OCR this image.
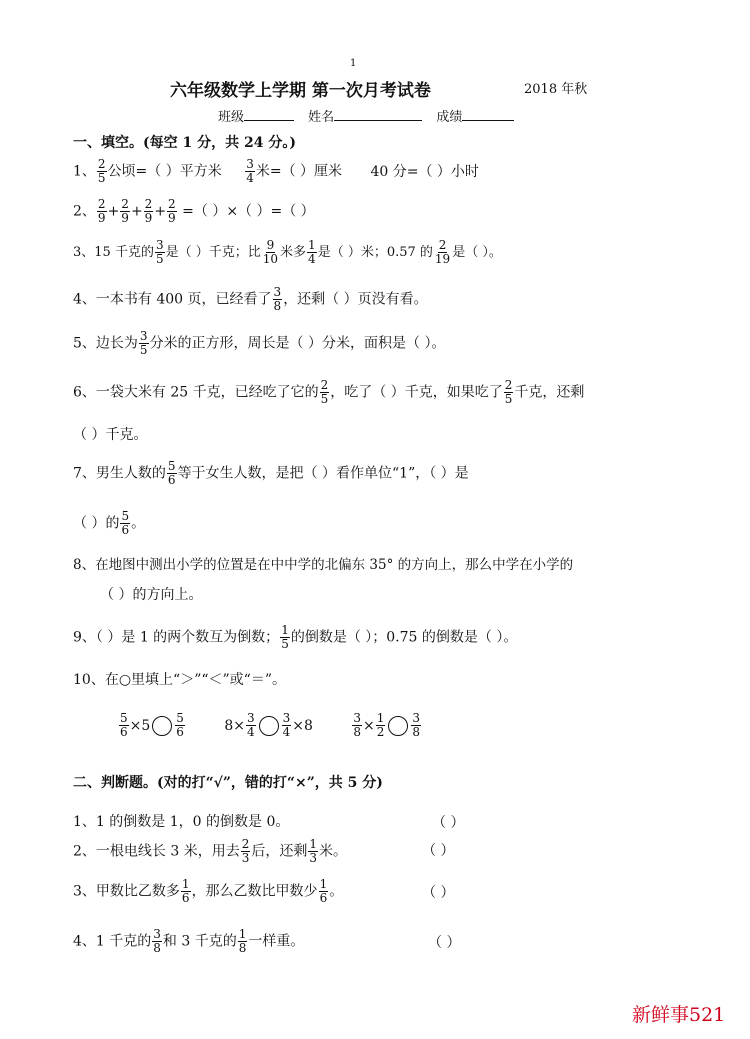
1
六年级数学上学期 第一次月考试卷	2018 年秋
班级	姓名	成绩
一、填空。(每空 1 分，共 24 分。)
1、 $\frac{2}{5}$ 公顷=（ ）平方米 $\frac{3}{4}$ 米=（ ）厘米 40 分=（ ）小时
2、 $\frac{2}{9} + \frac{2}{9} + \frac{2}{9} + \frac{2}{9}$ =（ ）×（ ）=（ ）
3、15 千克的 $\frac{3}{5}$ 是（ ）千克；比 $\frac{9}{10}$ 米多 $\frac{1}{4}$ 是（ ）米；0.57 的 $\frac{2}{19}$ 是（ ）。
4、一本书有 400 页，已经看了 $\frac{3}{8}$ ，还剩（ ）页没有看。
5、边长为 $\frac{3}{5}$ 分米的正方形，周长是（ ）分米，面积是（ ）。
6、一袋大米有 25 千克，已经吃了它的 $\frac{2}{5}$ ，吃了（ ）千克，如果吃了 $\frac{2}{5}$ 千克，还剩
（ ）千克。
7、男生人数的 $\frac{5}{6}$ 等于女生人数，是把（ ）看作单位“1”，（ ）是
（ ）的 $\frac{5}{6}$ 。
8、在地图中测出小学的位置是在中中学的北偏东 35° 的方向上，那么中学在小学的
（ ）的方向上。
9、（ ）是 1 的两个数互为倒数； $\frac{1}{5}$ 的倒数是（ ）；0.75 的倒数是（ ）。
10、在○里填上“＞”“＜”或“＝”。
$\frac{5}{6} \times 5 \frac{5}{6}$	$8\times \frac{3}{4} \frac{3}{4} \times 8$	$\frac{3}{8} \times \frac{1}{2} \frac{3}{8}$
二、判断题。(对的打“√”，错的打“×”，共 5 分)
1、1 的倒数是 1，0 的倒数是 0。	（ ）
2、一根电线长 3 米，用去 $\frac{2}{3}$ 后，还剩 $\frac{1}{3}$ 米。	（ ）
3、甲数比乙数多 $\frac{1}{6}$ ，那么乙数比甲数少 $\frac{1}{6}$ 。	（ ）
4、1 千克的 $\frac{3}{8}$ 和 3 千克的 $\frac{1}{8}$ 一样重。	（ ）
新鲜事521
